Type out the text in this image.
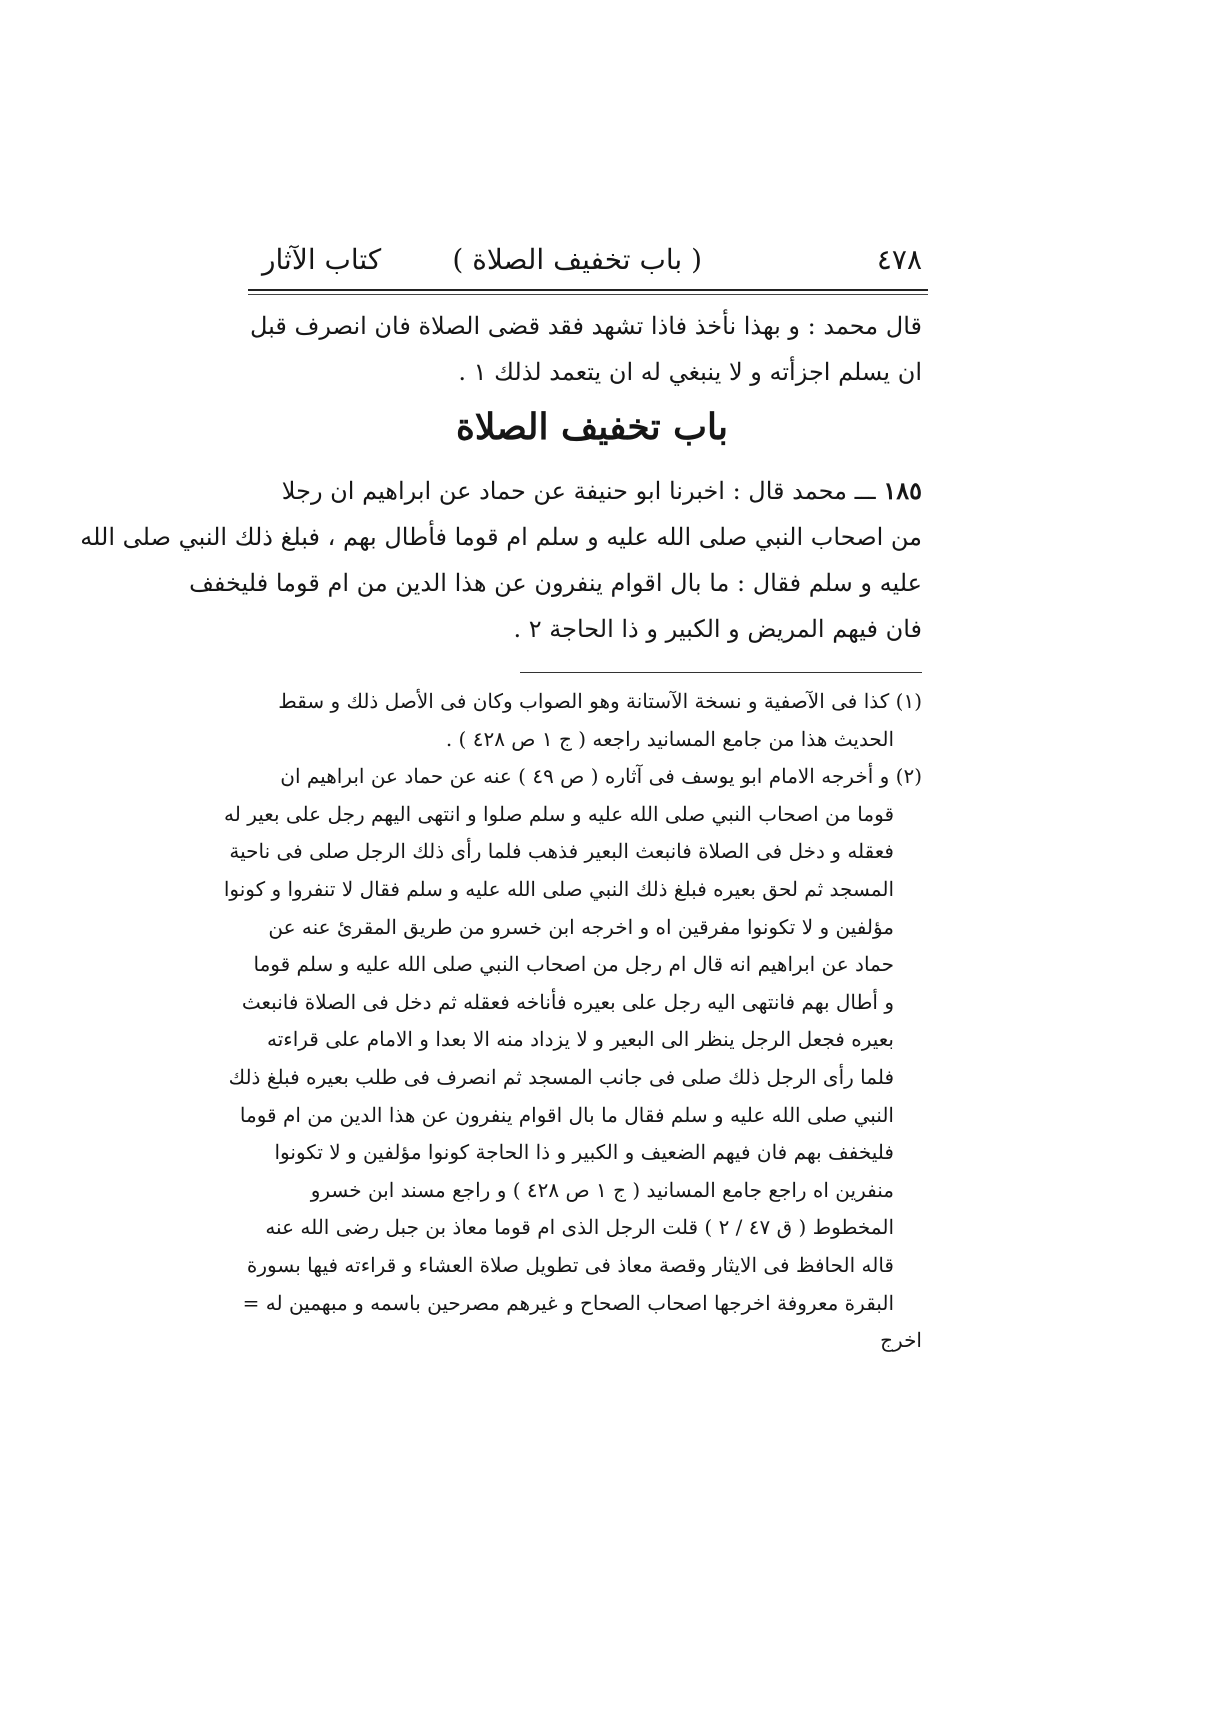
٤٧٨
( باب تخفيف الصلاة )
كتاب الآثار
قال محمد : و بهذا نأخذ فاذا تشهد فقد قضى الصلاة فان انصرف قبل
ان يسلم اجزأته و لا ينبغي له ان يتعمد لذلك ١ .
باب تخفيف الصلاة
١٨٥ ـــ محمد قال : اخبرنا ابو حنيفة عن حماد عن ابراهيم ان رجلا
من اصحاب النبي صلى الله عليه و سلم ام قوما فأطال بهم ، فبلغ ذلك النبي صلى الله
عليه و سلم فقال : ما بال اقوام ينفرون عن هذا الدين من ام قوما فليخفف
فان فيهم المريض و الكبير و ذا الحاجة ٢ .
(١) كذا فى الآصفية و نسخة الآستانة وهو الصواب وكان فى الأصل ذلك و سقط
الحديث هذا من جامع المسانيد راجعه ( ج ١ ص ٤٢٨ ) .
(٢) و أخرجه الامام ابو يوسف فى آثاره ( ص ٤٩ ) عنه عن حماد عن ابراهيم ان
قوما من اصحاب النبي صلى الله عليه و سلم صلوا و انتهى اليهم رجل على بعير له
فعقله و دخل فى الصلاة فانبعث البعير فذهب فلما رأى ذلك الرجل صلى فى ناحية
المسجد ثم لحق بعيره فبلغ ذلك النبي صلى الله عليه و سلم فقال لا تنفروا و كونوا
مؤلفين و لا تكونوا مفرقين اه و اخرجه ابن خسرو من طريق المقرئ عنه عن
حماد عن ابراهيم انه قال ام رجل من اصحاب النبي صلى الله عليه و سلم قوما
و أطال بهم فانتهى اليه رجل على بعيره فأناخه فعقله ثم دخل فى الصلاة فانبعث
بعيره فجعل الرجل ينظر الى البعير و لا يزداد منه الا بعدا و الامام على قراءته
فلما رأى الرجل ذلك صلى فى جانب المسجد ثم انصرف فى طلب بعيره فبلغ ذلك
النبي صلى الله عليه و سلم فقال ما بال اقوام ينفرون عن هذا الدين من ام قوما
فليخفف بهم فان فيهم الضعيف و الكبير و ذا الحاجة كونوا مؤلفين و لا تكونوا
منفرين اه راجع جامع المسانيد ( ج ١ ص ٤٢٨ ) و راجع مسند ابن خسرو
المخطوط ( ق ٤٧ / ٢ ) قلت الرجل الذى ام قوما معاذ بن جبل رضى الله عنه
قاله الحافظ فى الايثار وقصة معاذ فى تطويل صلاة العشاء و قراءته فيها بسورة
البقرة معروفة اخرجها اصحاب الصحاح و غيرهم مصرحين باسمه و مبهمين له =
اخرج
